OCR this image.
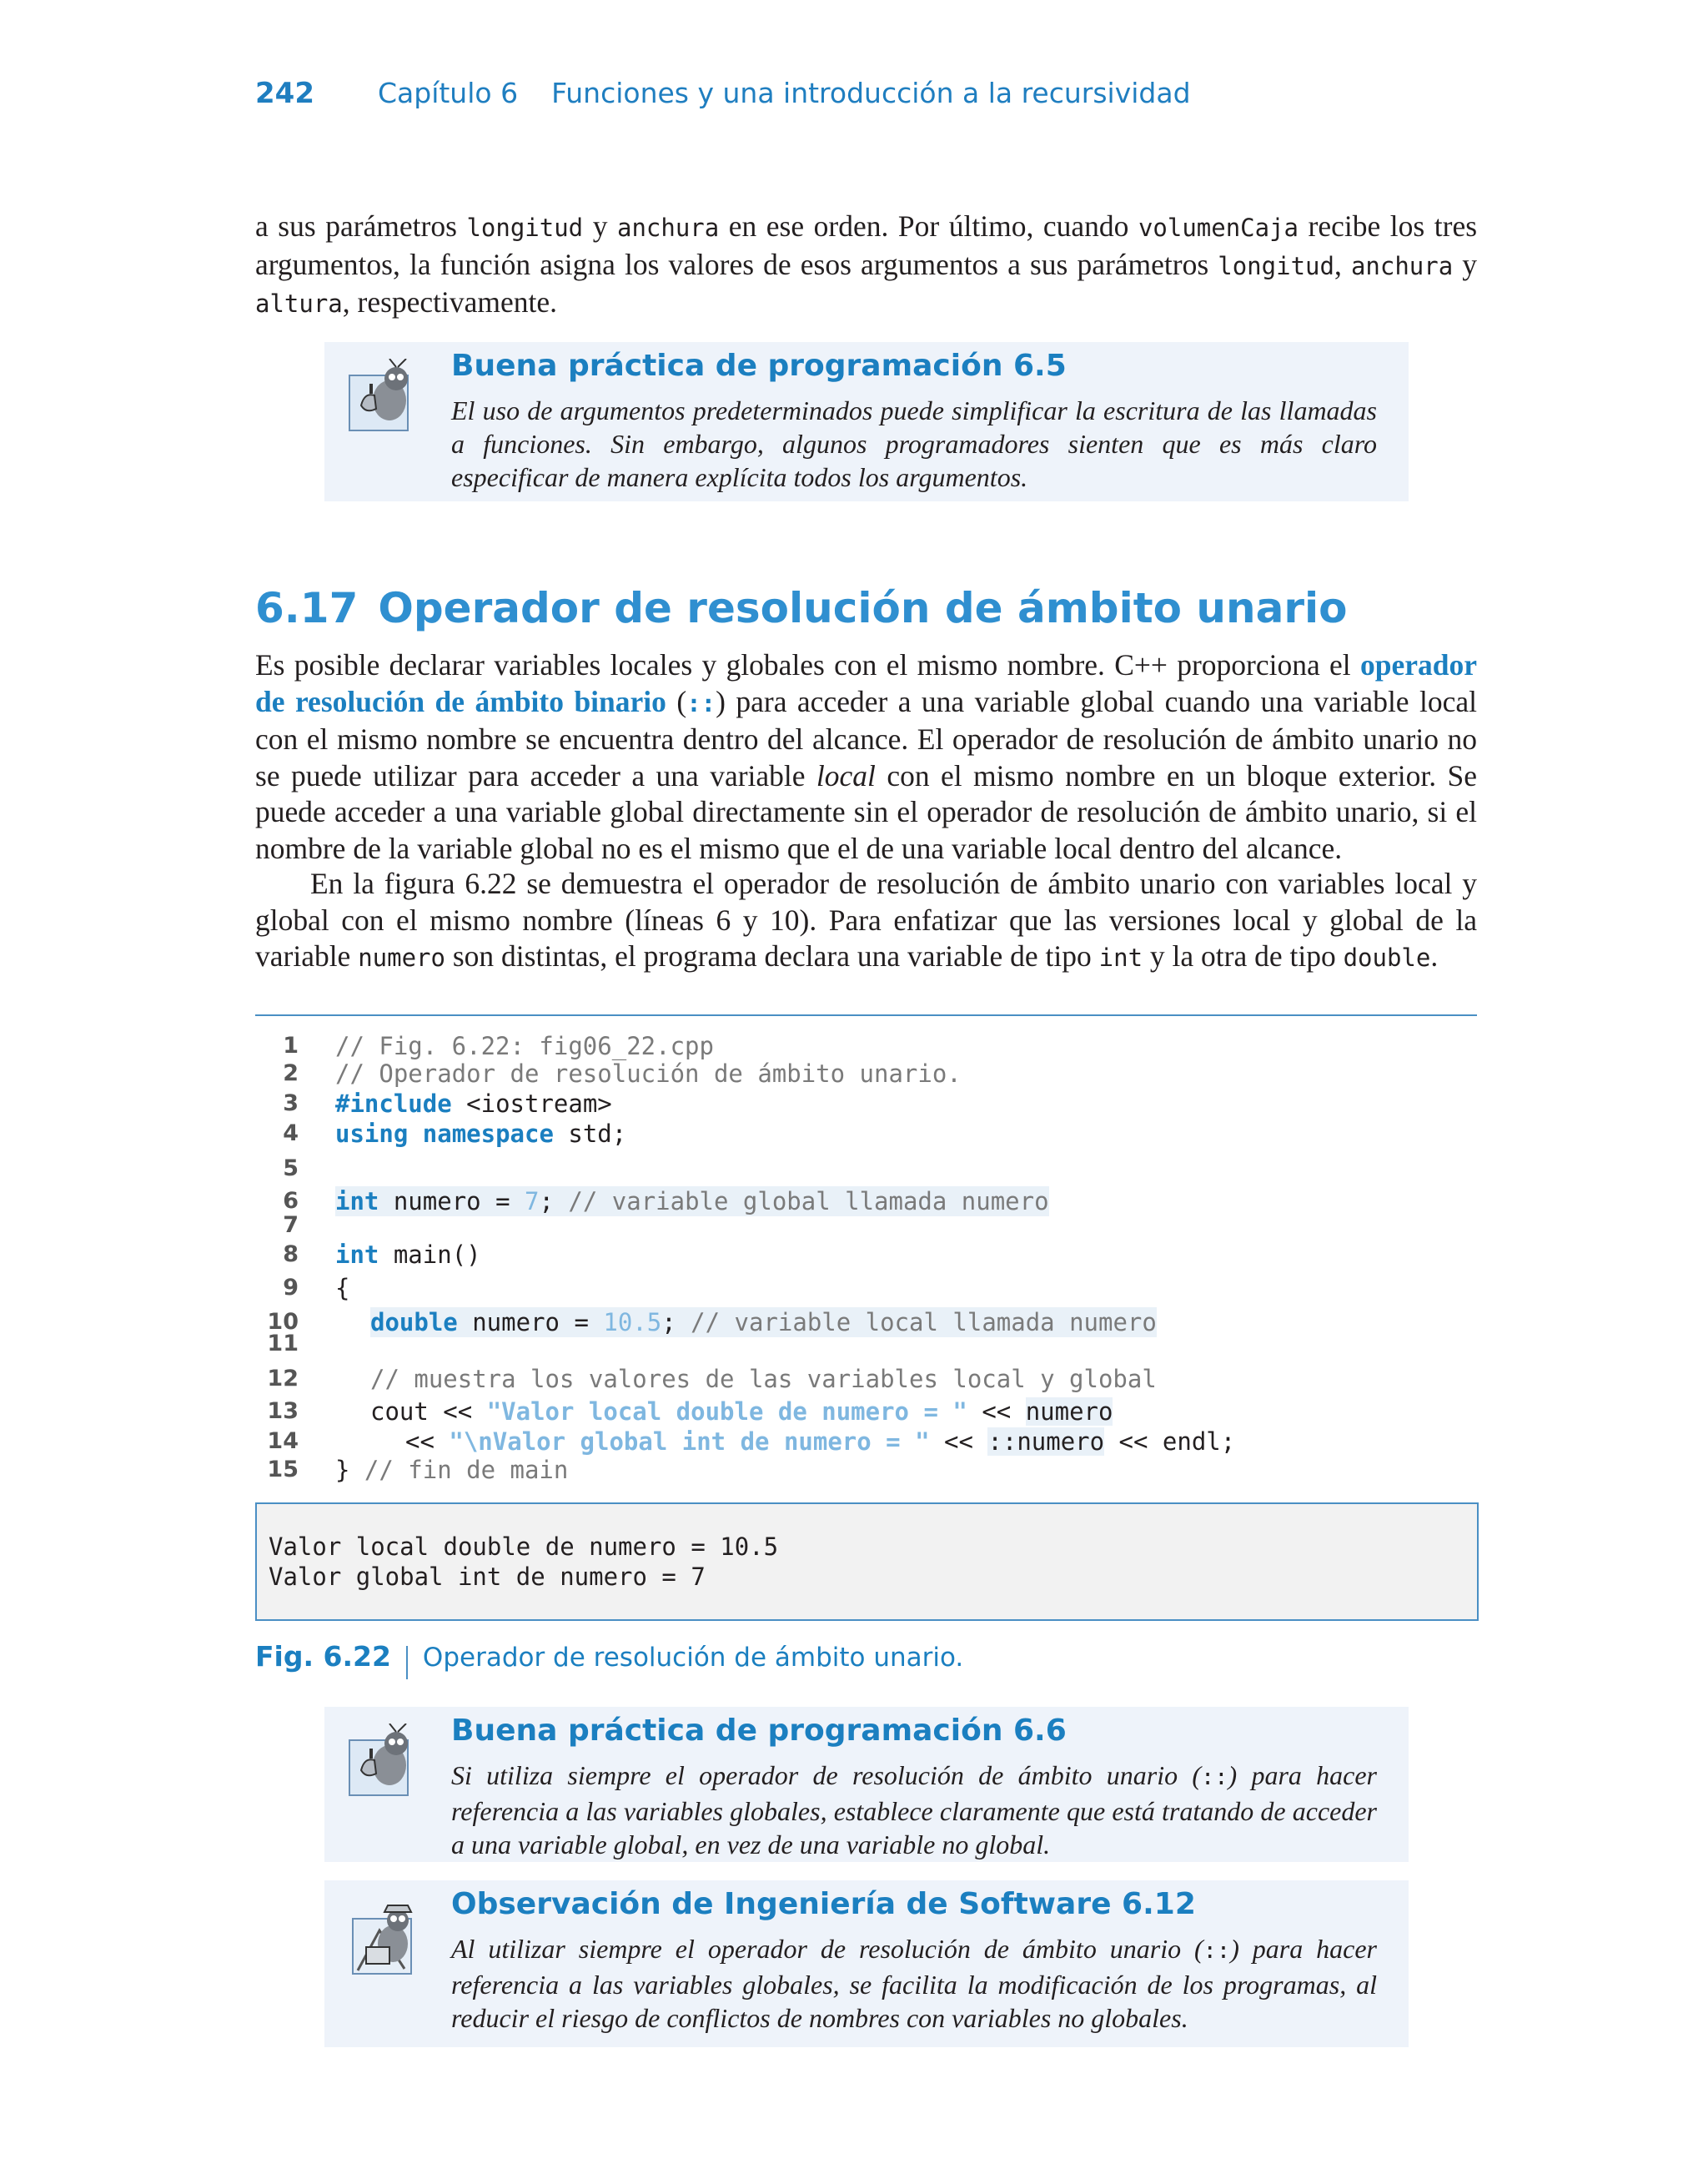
242 Capítulo 6 Funciones y una introducción a la recursividad
a sus parámetros longitud y anchura en ese orden. Por último, cuando volumenCaja recibe los tres argumentos, la función asigna los valores de esos argumentos a sus parámetros longitud, anchura y altura, respectivamente.
Buena práctica de programación 6.5
El uso de argumentos predeterminados puede simplificar la escritura de las llamadas a funciones. Sin embargo, algunos programadores sienten que es más claro especificar de manera explícita todos los argumentos.
6.17 Operador de resolución de ámbito unario
Es posible declarar variables locales y globales con el mismo nombre. C++ proporciona el operador de resolución de ámbito binario (::) para acceder a una variable global cuando una variable local con el mismo nombre se encuentra dentro del alcance. El operador de resolución de ámbito unario no se puede utilizar para acceder a una variable local con el mismo nombre en un bloque exterior. Se puede acceder a una variable global directamente sin el operador de resolución de ámbito unario, si el nombre de la variable global no es el mismo que el de una variable local dentro del alcance.
En la figura 6.22 se demuestra el operador de resolución de ámbito unario con variables local y global con el mismo nombre (líneas 6 y 10). Para enfatizar que las versiones local y global de la variable numero son distintas, el programa declara una variable de tipo int y la otra de tipo double.
1 // Fig. 6.22: fig06_22.cpp
2 // Operador de resolución de ámbito unario.
3 #include <iostream>
4 using namespace std;
5
6 int numero = 7; // variable global llamada numero
7
8 int main()
9 {
10	double numero = 10.5; // variable local llamada numero
11
12	// muestra los valores de las variables local y global
13	cout << "Valor local double de numero = " << numero
14	<< "\nValor global int de numero = " << ::numero << endl;
15 } // fin de main
Valor local double de numero = 10.5
Valor global int de numero = 7
Fig. 6.22 Operador de resolución de ámbito unario.
Buena práctica de programación 6.6
Si utiliza siempre el operador de resolución de ámbito unario (::) para hacer referencia a las variables globales, establece claramente que está tratando de acceder a una variable global, en vez de una variable no global.
Observación de Ingeniería de Software 6.12
Al utilizar siempre el operador de resolución de ámbito unario (::) para hacer referencia a las variables globales, se facilita la modificación de los programas, al reducir el riesgo de conflictos de nombres con variables no globales.
